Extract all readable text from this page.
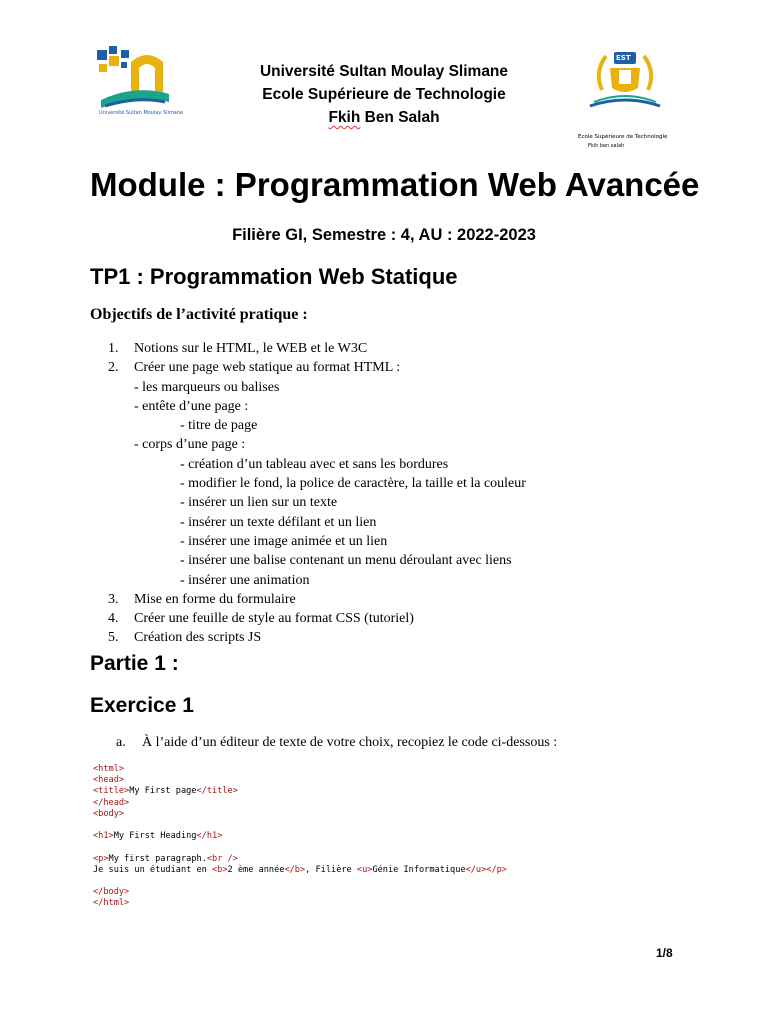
Université Sultan Moulay Slimane
Université Sultan Moulay Slimane
Ecole Supérieure de Technologie
Fkih Ben Salah
EST
Ecole Supérieure de Technologie
Fkih ben salah
Module : Programmation Web Avancée
Filière GI, Semestre : 4, AU : 2022-2023
TP1 : Programmation Web Statique
Objectifs de l’activité pratique :
1. Notions sur le HTML, le WEB et le W3C
2. Créer une page web statique au format HTML :
- les marqueurs ou balises
- entête d’une page :
- titre de page
- corps d’une page :
- création d’un tableau avec et sans les bordures
- modifier le fond, la police de caractère, la taille et la couleur
- insérer un lien sur un texte
- insérer un texte défilant et un lien
- insérer une image animée et un lien
- insérer une balise contenant un menu déroulant avec liens
- insérer une animation
3. Mise en forme du formulaire
4. Créer une feuille de style au format CSS (tutoriel)
5. Création des scripts JS
Partie 1 :
Exercice 1
a. À l’aide d’un éditeur de texte de votre choix, recopiez le code ci-dessous :
<html>
<head>
<title>My First page</title>
</head>
<body>
<h1>My First Heading</h1>
<p>My first paragraph.<br />
Je suis un étudiant en <b>2 ème année</b>, Filière <u>Génie Informatique</u></p>
</body>
</html>
1/8
